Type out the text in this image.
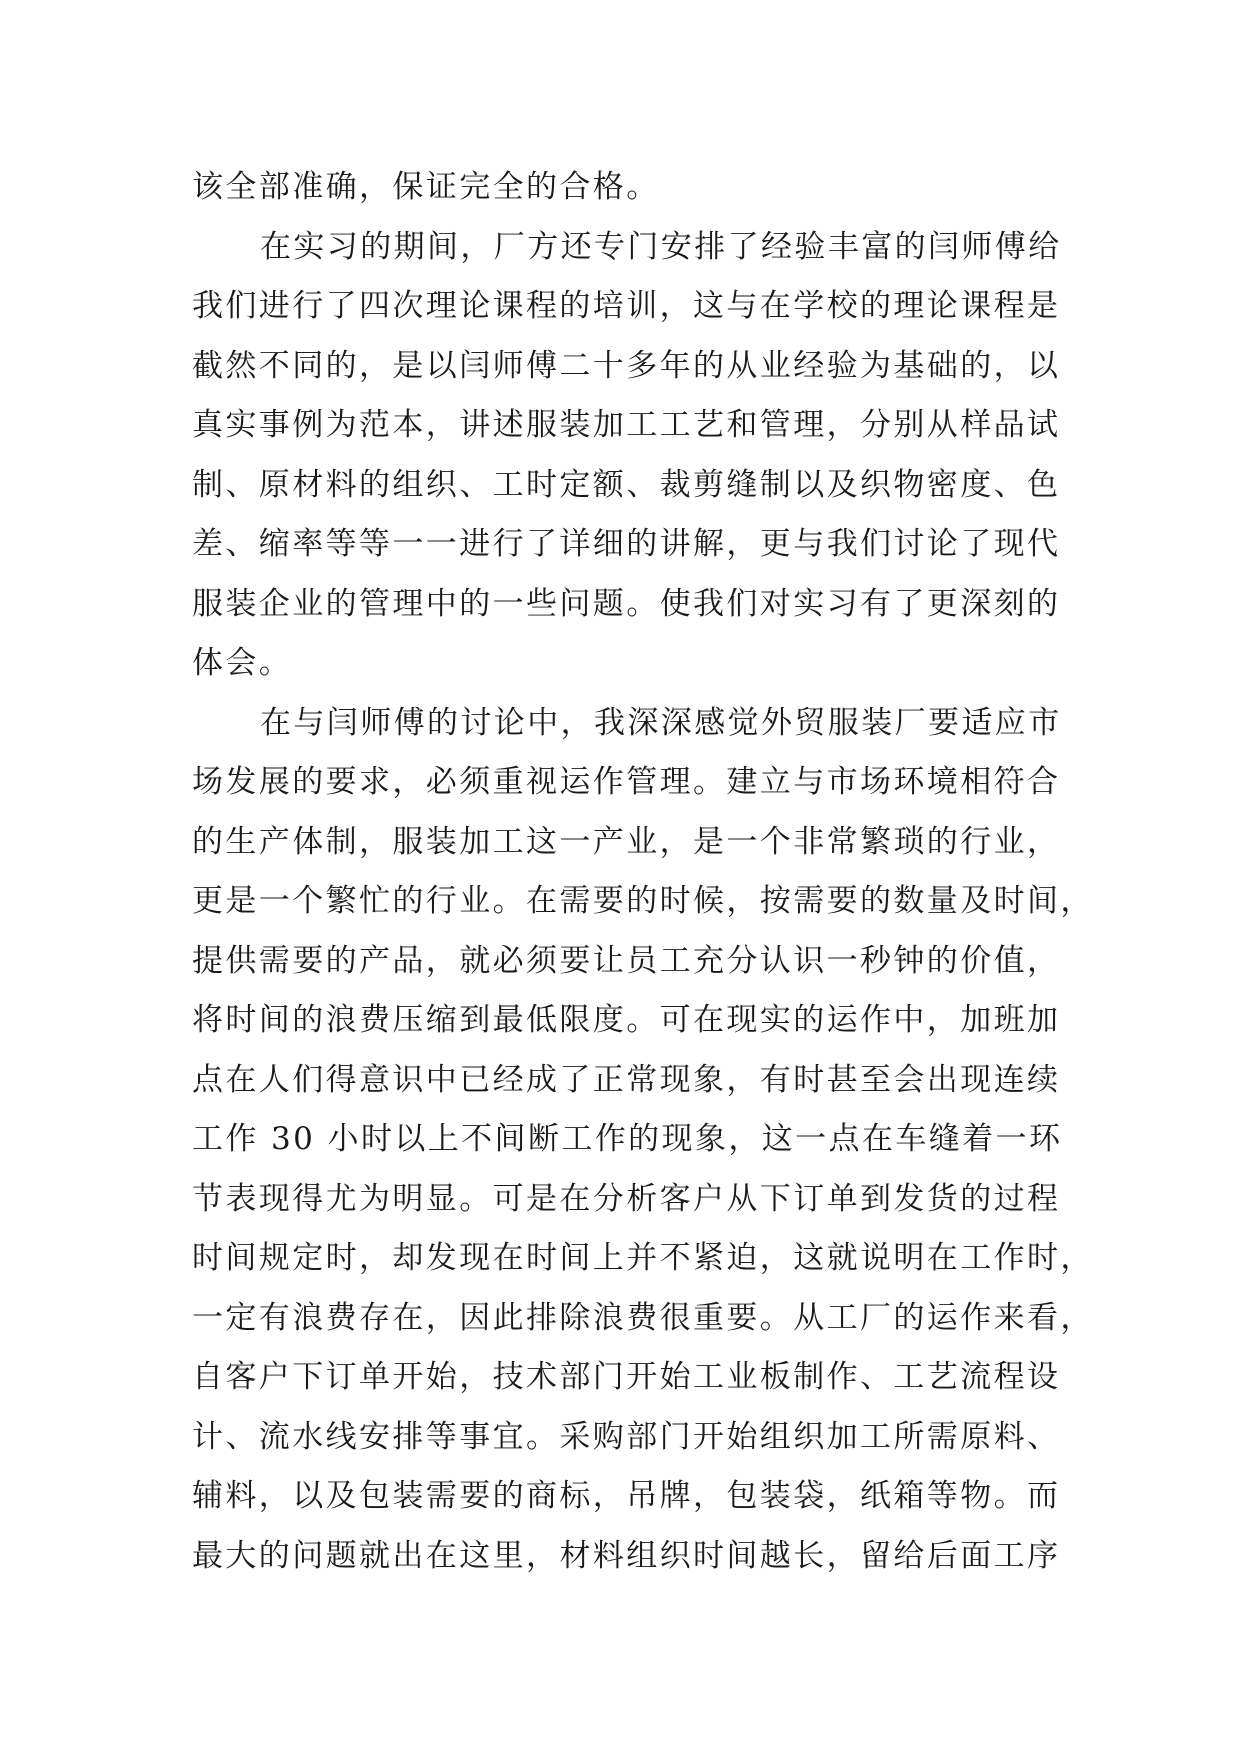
该全部准确，保证完全的合格。
在实习的期间，厂方还专门安排了经验丰富的闫师傅给
我们进行了四次理论课程的培训，这与在学校的理论课程是
截然不同的，是以闫师傅二十多年的从业经验为基础的，以
真实事例为范本，讲述服装加工工艺和管理，分别从样品试
制、原材料的组织、工时定额、裁剪缝制以及织物密度、色
差、缩率等等一一进行了详细的讲解，更与我们讨论了现代
服装企业的管理中的一些问题。使我们对实习有了更深刻的
体会。
在与闫师傅的讨论中，我深深感觉外贸服装厂要适应市
场发展的要求，必须重视运作管理。建立与市场环境相符合
的生产体制，服装加工这一产业，是一个非常繁琐的行业，
更是一个繁忙的行业。在需要的时候，按需要的数量及时间，
提供需要的产品，就必须要让员工充分认识一秒钟的价值，
将时间的浪费压缩到最低限度。可在现实的运作中，加班加
点在人们得意识中已经成了正常现象，有时甚至会出现连续
工作 30 小时以上不间断工作的现象，这一点在车缝着一环
节表现得尤为明显。可是在分析客户从下订单到发货的过程
时间规定时，却发现在时间上并不紧迫，这就说明在工作时，
一定有浪费存在，因此排除浪费很重要。从工厂的运作来看，
自客户下订单开始，技术部门开始工业板制作、工艺流程设
计、流水线安排等事宜。采购部门开始组织加工所需原料、
辅料，以及包装需要的商标，吊牌，包装袋，纸箱等物。而
最大的问题就出在这里，材料组织时间越长，留给后面工序
